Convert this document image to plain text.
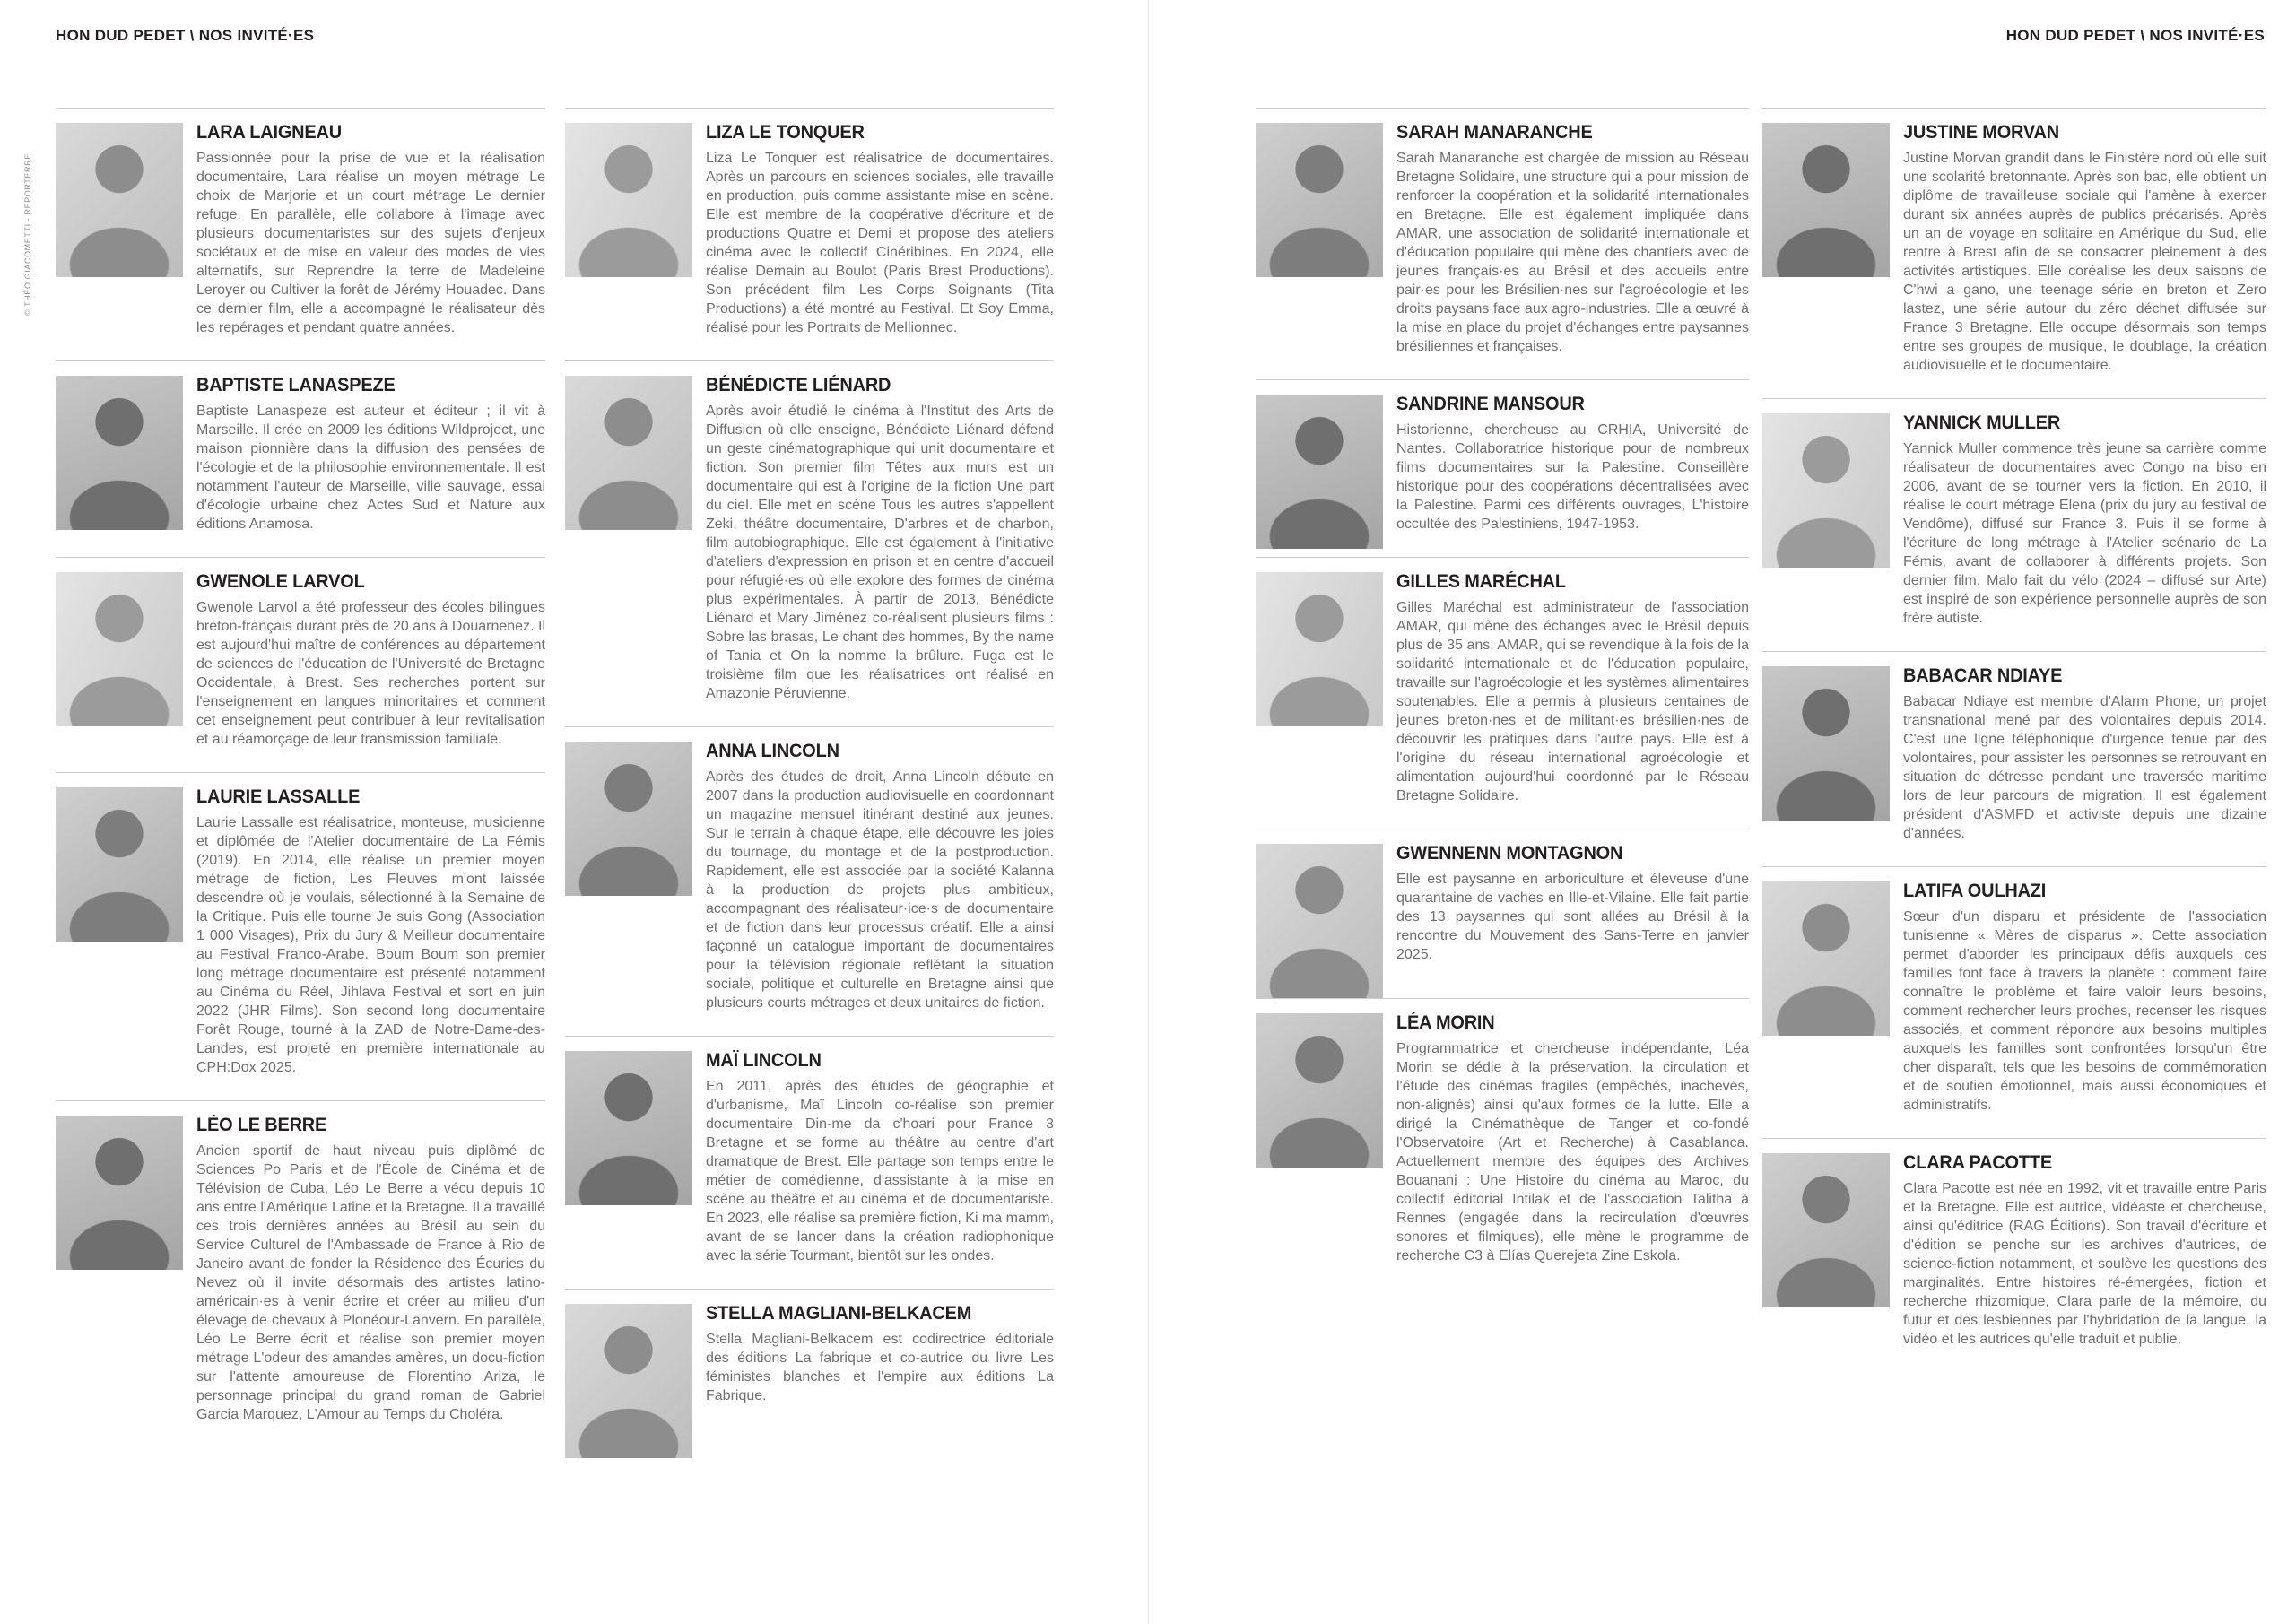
HON DUD PEDET \ NOS INVITÉ·ES	HON DUD PEDET \ NOS INVITÉ·ES
© THÉO GIACOMETTI - REPORTERRE
LARA LAIGNEAU

Passionnée pour la prise de vue et la réalisation documentaire, Lara réalise un moyen métrage Le choix de Marjorie et un court métrage Le dernier refuge. En parallèle, elle collabore à l'image avec plusieurs documentaristes sur des sujets d'enjeux sociétaux et de mise en valeur des modes de vies alternatifs, sur Reprendre la terre de Madeleine Leroyer ou Cultiver la forêt de Jérémy Houadec. Dans ce dernier film, elle a accompagné le réalisateur dès les repérages et pendant quatre années.

BAPTISTE LANASPEZE

Baptiste Lanaspeze est auteur et éditeur ; il vit à Marseille. Il crée en 2009 les éditions Wildproject, une maison pionnière dans la diffusion des pensées de l'écologie et de la philosophie environnementale. Il est notamment l'auteur de Marseille, ville sauvage, essai d'écologie urbaine chez Actes Sud et Nature aux éditions Anamosa.

GWENOLE LARVOL

Gwenole Larvol a été professeur des écoles bilingues breton-français durant près de 20 ans à Douarnenez. Il est aujourd'hui maître de conférences au département de sciences de l'éducation de l'Université de Bretagne Occidentale, à Brest. Ses recherches portent sur l'enseignement en langues minoritaires et comment cet enseignement peut contribuer à leur revitalisation et au réamorçage de leur transmission familiale.

LAURIE LASSALLE

Laurie Lassalle est réalisatrice, monteuse, musicienne et diplômée de l'Atelier documentaire de La Fémis (2019). En 2014, elle réalise un premier moyen métrage de fiction, Les Fleuves m'ont laissée descendre où je voulais, sélectionné à la Semaine de la Critique. Puis elle tourne Je suis Gong (Association 1 000 Visages), Prix du Jury & Meilleur documentaire au Festival Franco-Arabe. Boum Boum son premier long métrage documentaire est présenté notamment au Cinéma du Réel, Jihlava Festival et sort en juin 2022 (JHR Films). Son second long documentaire Forêt Rouge, tourné à la ZAD de Notre-Dame-des-Landes, est projeté en première internationale au CPH:Dox 2025.

LÉO LE BERRE

Ancien sportif de haut niveau puis diplômé de Sciences Po Paris et de l'École de Cinéma et de Télévision de Cuba, Léo Le Berre a vécu depuis 10 ans entre l'Amérique Latine et la Bretagne. Il a travaillé ces trois dernières années au Brésil au sein du Service Culturel de l'Ambassade de France à Rio de Janeiro avant de fonder la Résidence des Écuries du Nevez où il invite désormais des artistes latino-américain·es à venir écrire et créer au milieu d'un élevage de chevaux à Plonéour-Lanvern. En parallèle, Léo Le Berre écrit et réalise son premier moyen métrage L'odeur des amandes amères, un docu-fiction sur l'attente amoureuse de Florentino Ariza, le personnage principal du grand roman de Gabriel Garcia Marquez, L'Amour au Temps du Choléra.

LIZA LE TONQUER

Liza Le Tonquer est réalisatrice de documentaires. Après un parcours en sciences sociales, elle travaille en production, puis comme assistante mise en scène. Elle est membre de la coopérative d'écriture et de productions Quatre et Demi et propose des ateliers cinéma avec le collectif Cinéribines. En 2024, elle réalise Demain au Boulot (Paris Brest Productions). Son précédent film Les Corps Soignants (Tita Productions) a été montré au Festival. Et Soy Emma, réalisé pour les Portraits de Mellionnec.

BÉNÉDICTE LIÉNARD

Après avoir étudié le cinéma à l'Institut des Arts de Diffusion où elle enseigne, Bénédicte Liénard défend un geste cinématographique qui unit documentaire et fiction. Son premier film Têtes aux murs est un documentaire qui est à l'origine de la fiction Une part du ciel. Elle met en scène Tous les autres s'appellent Zeki, théâtre documentaire, D'arbres et de charbon, film autobiographique. Elle est également à l'initiative d'ateliers d'expression en prison et en centre d'accueil pour réfugié·es où elle explore des formes de cinéma plus expérimentales. À partir de 2013, Bénédicte Liénard et Mary Jiménez co-réalisent plusieurs films : Sobre las brasas, Le chant des hommes, By the name of Tania et On la nomme la brûlure. Fuga est le troisième film que les réalisatrices ont réalisé en Amazonie Péruvienne.

ANNA LINCOLN

Après des études de droit, Anna Lincoln débute en 2007 dans la production audiovisuelle en coordonnant un magazine mensuel itinérant destiné aux jeunes. Sur le terrain à chaque étape, elle découvre les joies du tournage, du montage et de la postproduction. Rapidement, elle est associée par la société Kalanna à la production de projets plus ambitieux, accompagnant des réalisateur·ice·s de documentaire et de fiction dans leur processus créatif. Elle a ainsi façonné un catalogue important de documentaires pour la télévision régionale reflétant la situation sociale, politique et culturelle en Bretagne ainsi que plusieurs courts métrages et deux unitaires de fiction.

MAÏ LINCOLN

En 2011, après des études de géographie et d'urbanisme, Maï Lincoln co-réalise son premier documentaire Din-me da c'hoari pour France 3 Bretagne et se forme au théâtre au centre d'art dramatique de Brest. Elle partage son temps entre le métier de comédienne, d'assistante à la mise en scène au théâtre et au cinéma et de documentariste. En 2023, elle réalise sa première fiction, Ki ma mamm, avant de se lancer dans la création radiophonique avec la série Tourmant, bientôt sur les ondes.

STELLA MAGLIANI-BELKACEM

Stella Magliani-Belkacem est codirectrice éditoriale des éditions La fabrique et co-autrice du livre Les féministes blanches et l'empire aux éditions La Fabrique.

SARAH MANARANCHE

Sarah Manaranche est chargée de mission au Réseau Bretagne Solidaire, une structure qui a pour mission de renforcer la coopération et la solidarité internationales en Bretagne. Elle est également impliquée dans AMAR, une association de solidarité internationale et d'éducation populaire qui mène des chantiers avec de jeunes français·es au Brésil et des accueils entre pair·es pour les Brésilien·nes sur l'agroécologie et les droits paysans face aux agro-industries. Elle a œuvré à la mise en place du projet d'échanges entre paysannes brésiliennes et françaises.

SANDRINE MANSOUR

Historienne, chercheuse au CRHIA, Université de Nantes. Collaboratrice historique pour de nombreux films documentaires sur la Palestine. Conseillère historique pour des coopérations décentralisées avec la Palestine. Parmi ces différents ouvrages, L'histoire occultée des Palestiniens, 1947-1953.

GILLES MARÉCHAL

Gilles Maréchal est administrateur de l'association AMAR, qui mène des échanges avec le Brésil depuis plus de 35 ans. AMAR, qui se revendique à la fois de la solidarité internationale et de l'éducation populaire, travaille sur l'agroécologie et les systèmes alimentaires soutenables. Elle a permis à plusieurs centaines de jeunes breton·nes et de militant·es brésilien·nes de découvrir les pratiques dans l'autre pays. Elle est à l'origine du réseau international agroécologie et alimentation aujourd'hui coordonné par le Réseau Bretagne Solidaire.

GWENNENN MONTAGNON

Elle est paysanne en arboriculture et éleveuse d'une quarantaine de vaches en Ille-et-Vilaine. Elle fait partie des 13 paysannes qui sont allées au Brésil à la rencontre du Mouvement des Sans-Terre en janvier 2025.

LÉA MORIN

Programmatrice et chercheuse indépendante, Léa Morin se dédie à la préservation, la circulation et l'étude des cinémas fragiles (empêchés, inachevés, non-alignés) ainsi qu'aux formes de la lutte. Elle a dirigé la Cinémathèque de Tanger et co-fondé l'Observatoire (Art et Recherche) à Casablanca. Actuellement membre des équipes des Archives Bouanani : Une Histoire du cinéma au Maroc, du collectif éditorial Intilak et de l'association Talitha à Rennes (engagée dans la recirculation d'œuvres sonores et filmiques), elle mène le programme de recherche C3 à Elías Querejeta Zine Eskola.

JUSTINE MORVAN

Justine Morvan grandit dans le Finistère nord où elle suit une scolarité bretonnante. Après son bac, elle obtient un diplôme de travailleuse sociale qui l'amène à exercer durant six années auprès de publics précarisés. Après un an de voyage en solitaire en Amérique du Sud, elle rentre à Brest afin de se consacrer pleinement à des activités artistiques. Elle coréalise les deux saisons de C'hwi a gano, une teenage série en breton et Zero lastez, une série autour du zéro déchet diffusée sur France 3 Bretagne. Elle occupe désormais son temps entre ses groupes de musique, le doublage, la création audiovisuelle et le documentaire.

YANNICK MULLER

Yannick Muller commence très jeune sa carrière comme réalisateur de documentaires avec Congo na biso en 2006, avant de se tourner vers la fiction. En 2010, il réalise le court métrage Elena (prix du jury au festival de Vendôme), diffusé sur France 3. Puis il se forme à l'écriture de long métrage à l'Atelier scénario de La Fémis, avant de collaborer à différents projets. Son dernier film, Malo fait du vélo (2024 – diffusé sur Arte) est inspiré de son expérience personnelle auprès de son frère autiste.

BABACAR NDIAYE

Babacar Ndiaye est membre d'Alarm Phone, un projet transnational mené par des volontaires depuis 2014. C'est une ligne téléphonique d'urgence tenue par des volontaires, pour assister les personnes se retrouvant en situation de détresse pendant une traversée maritime lors de leur parcours de migration. Il est également président d'ASMFD et activiste depuis une dizaine d'années.

LATIFA OULHAZI

Sœur d'un disparu et présidente de l'association tunisienne « Mères de disparus ». Cette association permet d'aborder les principaux défis auxquels ces familles font face à travers la planète : comment faire connaître le problème et faire valoir leurs besoins, comment rechercher leurs proches, recenser les risques associés, et comment répondre aux besoins multiples auxquels les familles sont confrontées lorsqu'un être cher disparaît, tels que les besoins de commémoration et de soutien émotionnel, mais aussi économiques et administratifs.

CLARA PACOTTE

Clara Pacotte est née en 1992, vit et travaille entre Paris et la Bretagne. Elle est autrice, vidéaste et chercheuse, ainsi qu'éditrice (RAG Éditions). Son travail d'écriture et d'édition se penche sur les archives d'autrices, de science-fiction notamment, et soulève les questions des marginalités. Entre histoires ré-émergées, fiction et recherche rhizomique, Clara parle de la mémoire, du futur et des lesbiennes par l'hybridation de la langue, la vidéo et les autrices qu'elle traduit et publie.
